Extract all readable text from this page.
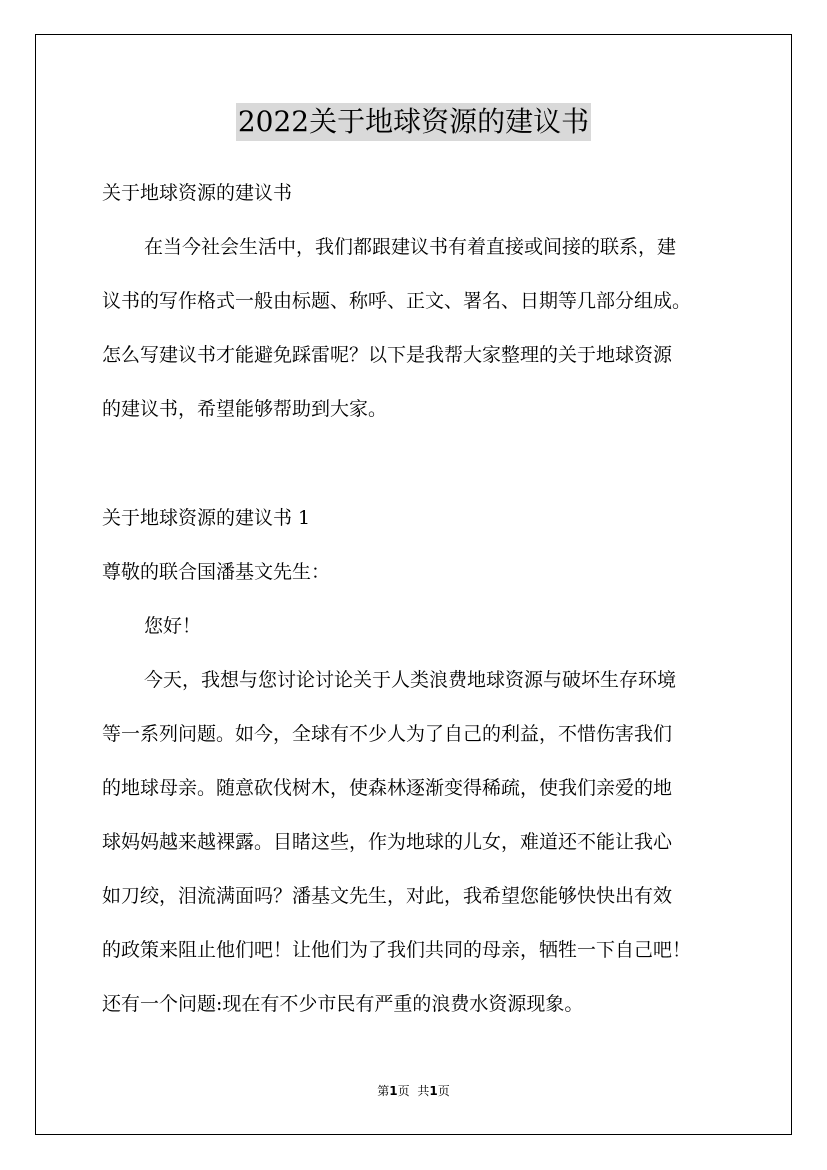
2022关于地球资源的建议书
关于地球资源的建议书
在当今社会生活中，我们都跟建议书有着直接或间接的联系，建
议书的写作格式一般由标题、称呼、正文、署名、日期等几部分组成。
怎么写建议书才能避免踩雷呢？以下是我帮大家整理的关于地球资源
的建议书，希望能够帮助到大家。
关于地球资源的建议书 1
尊敬的联合国潘基文先生：
您好！
今天，我想与您讨论讨论关于人类浪费地球资源与破坏生存环境
等一系列问题。如今，全球有不少人为了自己的利益，不惜伤害我们
的地球母亲。随意砍伐树木，使森林逐渐变得稀疏，使我们亲爱的地
球妈妈越来越裸露。目睹这些，作为地球的儿女，难道还不能让我心
如刀绞，泪流满面吗？潘基文先生，对此，我希望您能够快快出有效
的政策来阻止他们吧！让他们为了我们共同的母亲，牺牲一下自己吧！
还有一个问题:现在有不少市民有严重的浪费水资源现象。
第1页 共1页
